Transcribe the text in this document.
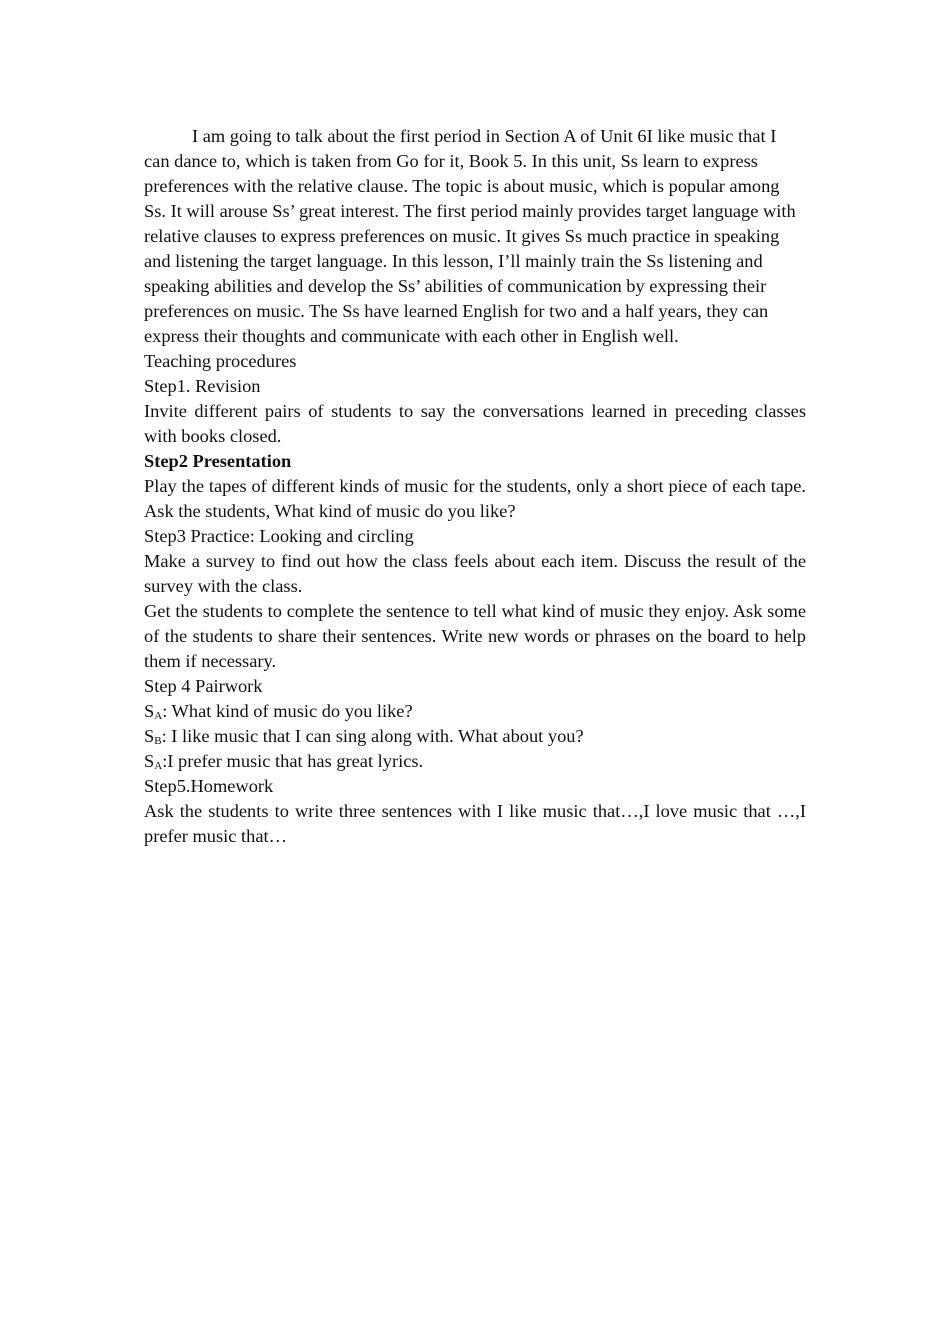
I am going to talk about the first period in Section A of Unit 6I like music that I can dance to, which is taken from Go for it, Book 5. In this unit, Ss learn to express preferences with the relative clause. The topic is about music, which is popular among Ss. It will arouse Ss’ great interest. The first period mainly provides target language with relative clauses to express preferences on music. It gives Ss much practice in speaking and listening the target language. In this lesson, I’ll mainly train the Ss listening and speaking abilities and develop the Ss’ abilities of communication by expressing their preferences on music. The Ss have learned English for two and a half years, they can express their thoughts and communicate with each other in English well.

Teaching procedures

Step1. Revision

Invite different pairs of students to say the conversations learned in preceding classes with books closed.

Step2 Presentation

Play the tapes of different kinds of music for the students, only a short piece of each tape. Ask the students, What kind of music do you like?

Step3 Practice: Looking and circling

Make a survey to find out how the class feels about each item. Discuss the result of the survey with the class.

Get the students to complete the sentence to tell what kind of music they enjoy. Ask some of the students to share their sentences. Write new words or phrases on the board to help them if necessary.

Step 4 Pairwork

$S_A$: What kind of music do you like?

$S_B$: I like music that I can sing along with. What about you?

$S_A:I$ prefer music that has great lyrics.

Step5.Homework

Ask the students to write three sentences with I like music that…,I love music that …,I prefer music that…
